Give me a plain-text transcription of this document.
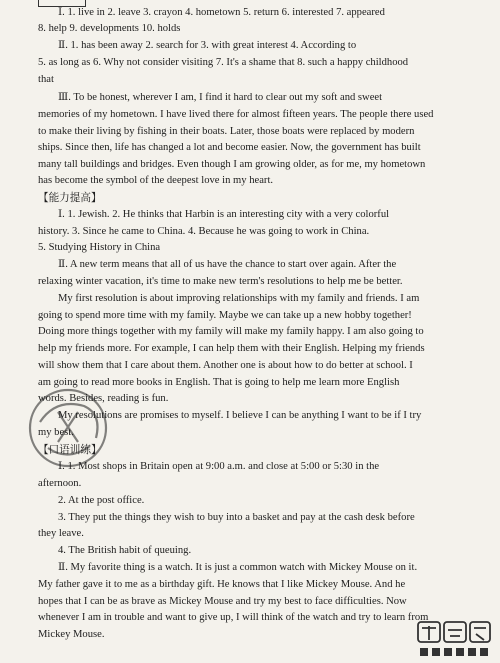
Ⅰ. 1. live in 2. leave 3. crayon 4. hometown 5. return 6. interested 7. appeared
8. help 9. developments 10. holds
Ⅱ. 1. has been away 2. search for 3. with great interest 4. According to
5. as long as 6. Why not consider visiting 7. It's a shame that 8. such a happy childhood
that
Ⅲ. To be honest, wherever I am, I find it hard to clear out my soft and sweet
memories of my hometown. I have lived there for almost fifteen years. The people there used
to make their living by fishing in their boats. Later, those boats were replaced by modern
ships. Since then, life has changed a lot and become easier. Now, the government has built
many tall buildings and bridges. Even though I am growing older, as for me, my hometown
has become the symbol of the deepest love in my heart.
【能力提高】
Ⅰ. 1. Jewish. 2. He thinks that Harbin is an interesting city with a very colorful
history. 3. Since he came to China. 4. Because he was going to work in China.
5. Studying History in China
Ⅱ. A new term means that all of us have the chance to start over again. After the
relaxing winter vacation, it's time to make new term's resolutions to help me be better.
My first resolution is about improving relationships with my family and friends. I am
going to spend more time with my family. Maybe we can take up a new hobby together!
Doing more things together with my family will make my family happy. I am also going to
help my friends more. For example, I can help them with their English. Helping my friends
will show them that I care about them. Another one is about how to do better at school. I
am going to read more books in English. That is going to help me learn more English
words. Besides, reading is fun.
My resolutions are promises to myself. I believe I can be anything I want to be if I try
my best.
【口语训练】
Ⅰ. 1. Most shops in Britain open at 9:00 a.m. and close at 5:00 or 5:30 in the
afternoon.
2. At the post office.
3. They put the things they wish to buy into a basket and pay at the cash desk before
they leave.
4. The British habit of queuing.
Ⅱ. My favorite thing is a watch. It is just a common watch with Mickey Mouse on it.
My father gave it to me as a birthday gift. He knows that I like Mickey Mouse. And he
hopes that I can be as brave as Mickey Mouse and try my best to face difficulties. Now
whenever I am in trouble and want to give up, I will think of the watch and try to learn from
Mickey Mouse.
